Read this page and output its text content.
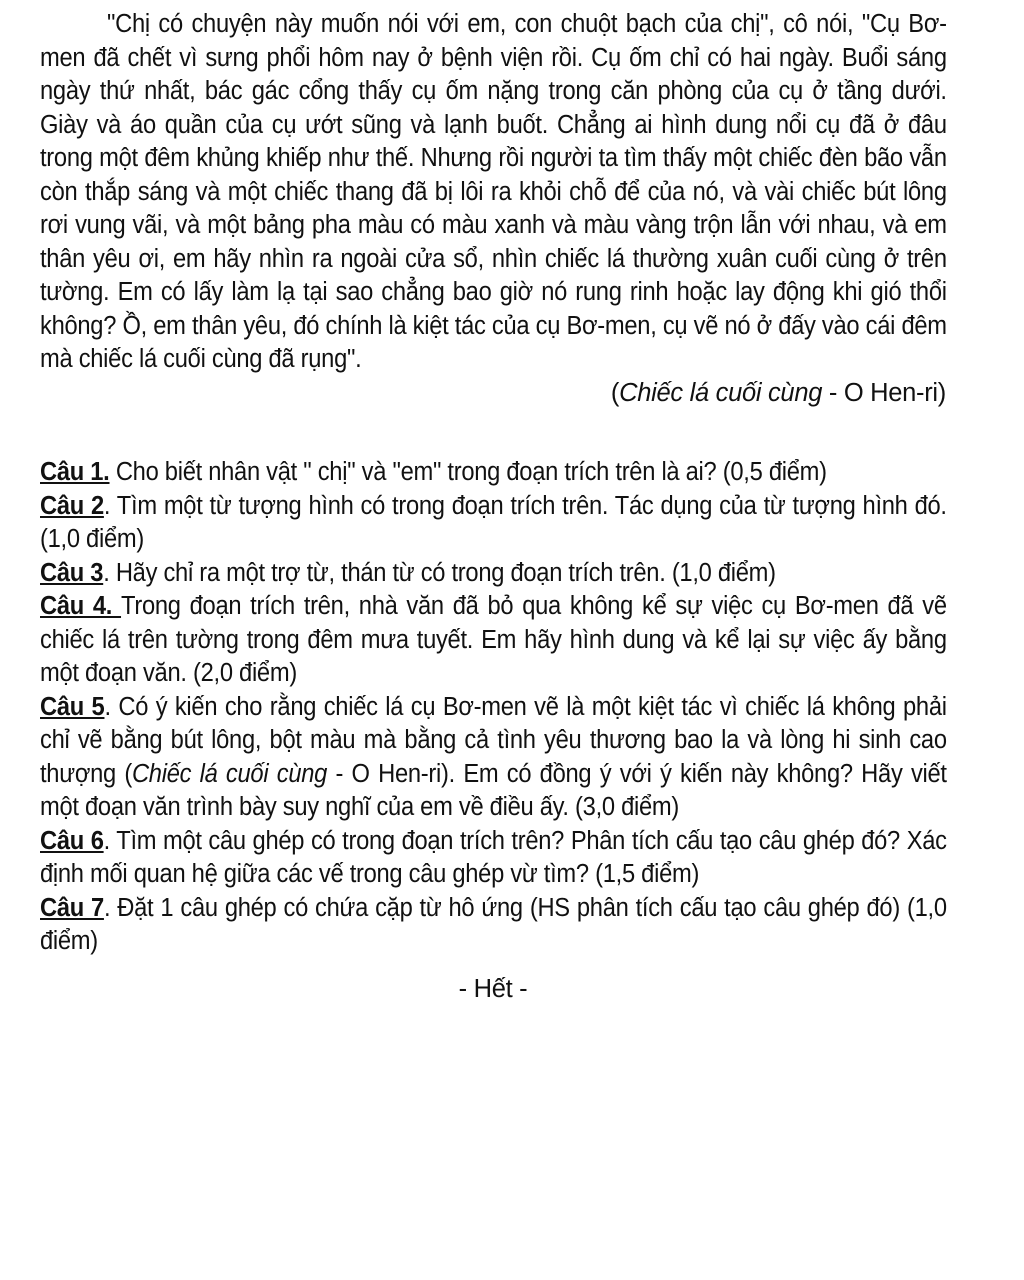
"Chị có chuyện này muốn nói với em, con chuột bạch của chị", cô nói, "Cụ Bơ-men đã chết vì sưng phổi hôm nay ở bệnh viện rồi. Cụ ốm chỉ có hai ngày. Buổi sáng ngày thứ nhất, bác gác cổng thấy cụ ốm nặng trong căn phòng của cụ ở tầng dưới. Giày và áo quần của cụ ướt sũng và lạnh buốt. Chẳng ai hình dung nổi cụ đã ở đâu trong một đêm khủng khiếp như thế. Nhưng rồi người ta tìm thấy một chiếc đèn bão vẫn còn thắp sáng và một chiếc thang đã bị lôi ra khỏi chỗ để của nó, và vài chiếc bút lông rơi vung vãi, và một bảng pha màu có màu xanh và màu vàng trộn lẫn với nhau, và em thân yêu ơi, em hãy nhìn ra ngoài cửa sổ, nhìn chiếc lá thường xuân cuối cùng ở trên tường. Em có lấy làm lạ tại sao chẳng bao giờ nó rung rinh hoặc lay động khi gió thổi không? Ồ, em thân yêu, đó chính là kiệt tác của cụ Bơ-men, cụ vẽ nó ở đấy vào cái đêm mà chiếc lá cuối cùng đã rụng".

(Chiếc lá cuối cùng - O Hen-ri)

Câu 1. Cho biết nhân vật " chị" và "em" trong đoạn trích trên là ai? (0,5 điểm)

Câu 2. Tìm một từ tượng hình có trong đoạn trích trên. Tác dụng của từ tượng hình đó.(1,0 điểm)

Câu 3. Hãy chỉ ra một trợ từ, thán từ có trong đoạn trích trên. (1,0 điểm)

Câu 4. Trong đoạn trích trên, nhà văn đã bỏ qua không kể sự việc cụ Bơ-men đã vẽ chiếc lá trên tường trong đêm mưa tuyết. Em hãy hình dung và kể lại sự việc ấy bằng một đoạn văn. (2,0 điểm)

Câu 5. Có ý kiến cho rằng chiếc lá cụ Bơ-men vẽ là một kiệt tác vì chiếc lá không phải chỉ vẽ bằng bút lông, bột màu mà bằng cả tình yêu thương bao la và lòng hi sinh cao thượng (Chiếc lá cuối cùng - O Hen-ri). Em có đồng ý với ý kiến này không? Hãy viết một đoạn văn trình bày suy nghĩ của em về điều ấy. (3,0 điểm)

Câu 6. Tìm một câu ghép có trong đoạn trích trên? Phân tích cấu tạo câu ghép đó? Xác định mối quan hệ giữa các vế trong câu ghép vừ tìm? (1,5 điểm)

Câu 7. Đặt 1 câu ghép có chứa cặp từ hô ứng (HS phân tích cấu tạo câu ghép đó) (1,0 điểm)

- Hết -
